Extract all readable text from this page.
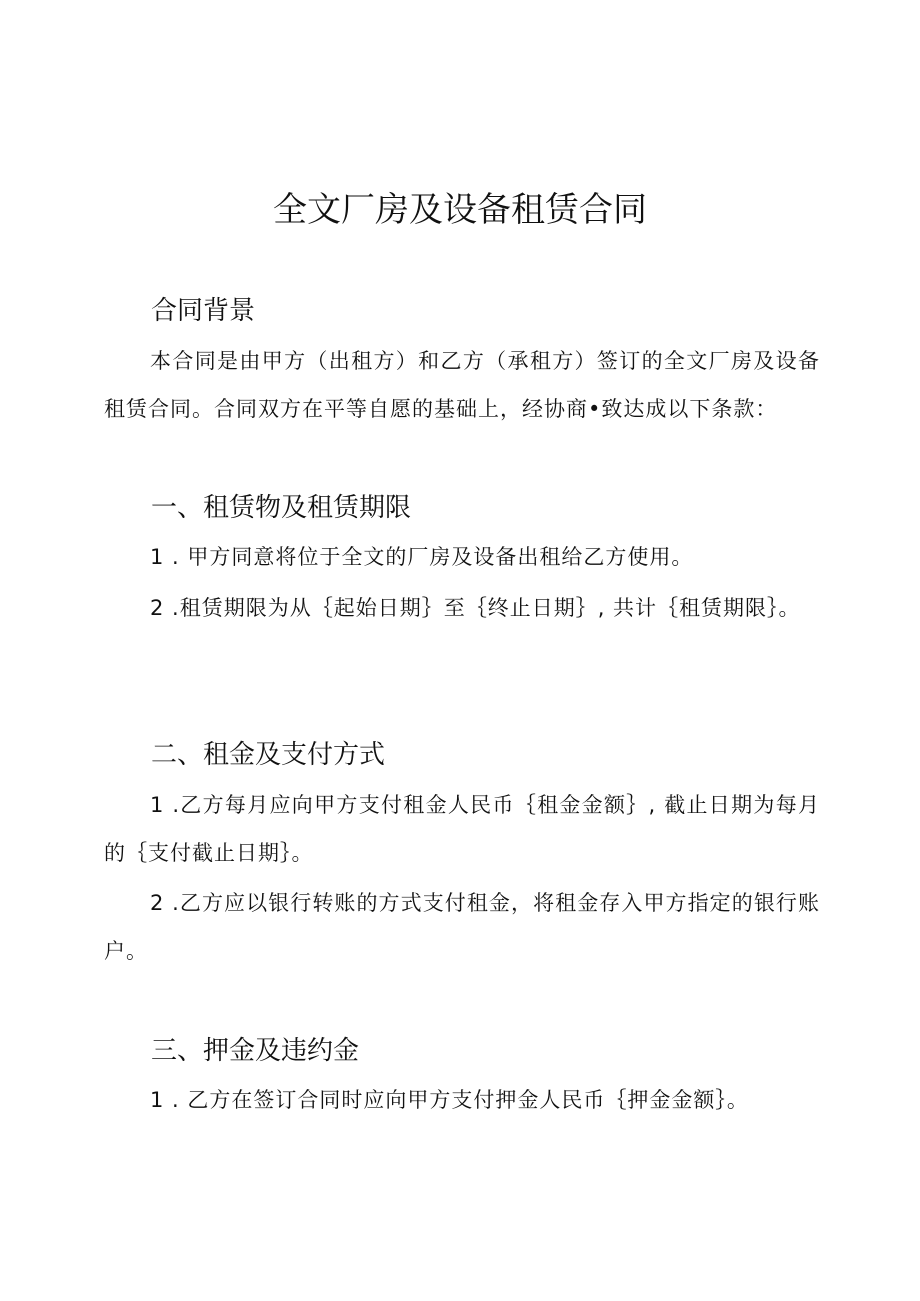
全文厂房及设备租赁合同
合同背景

本合同是由甲方（出租方）和乙方（承租方）签订的全文厂房及设备租赁合同。合同双方在平等自愿的基础上，经协商•致达成以下条款：

一、租赁物及租赁期限

1 . 甲方同意将位于全文的厂房及设备出租给乙方使用。

2 .租赁期限为从｛起始日期｝至｛终止日期｝, 共计｛租赁期限｝。

二、租金及支付方式

1 .乙方每月应向甲方支付租金人民币｛租金金额｝, 截止日期为每月的｛支付截止日期｝。

2 .乙方应以银行转账的方式支付租金，将租金存入甲方指定的银行账户。

三、押金及违约金

1 . 乙方在签订合同时应向甲方支付押金人民币｛押金金额｝。
